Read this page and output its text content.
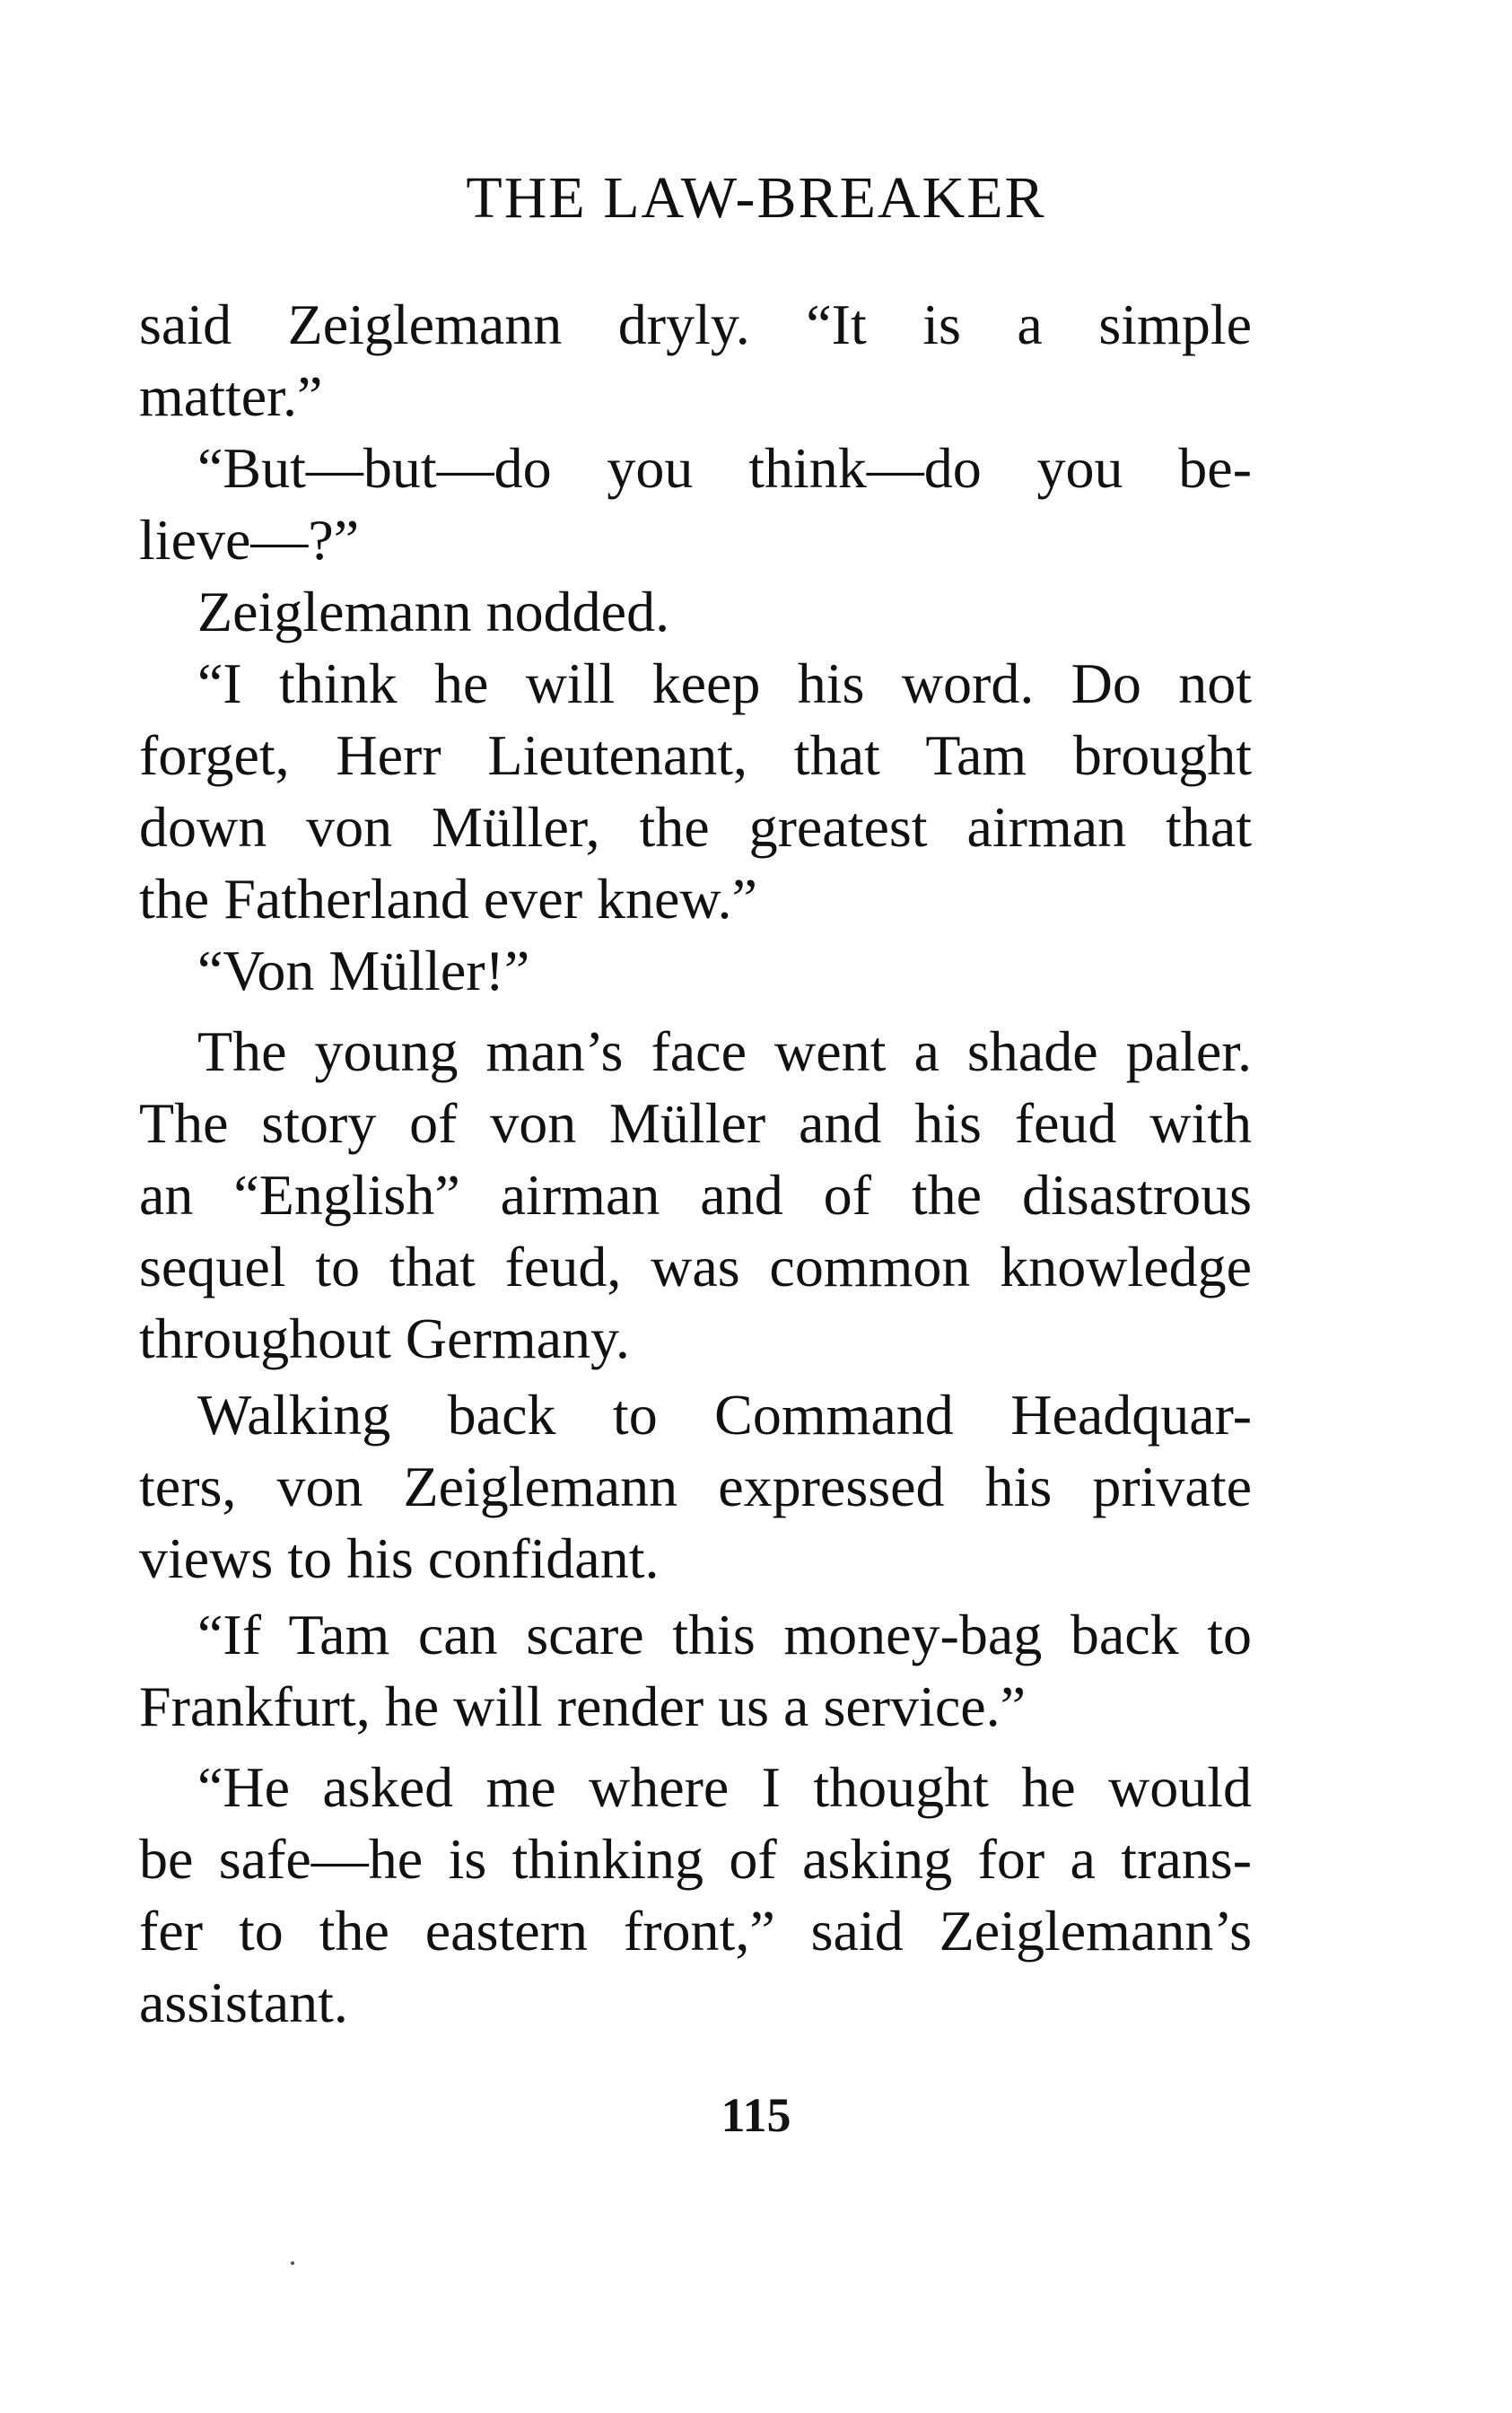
THE LAW-BREAKER
said Zeiglemann dryly. “It is a simple
matter.”
“But—but—do you think—do you be-
lieve—?”
Zeiglemann nodded.
“I think he will keep his word. Do not
forget, Herr Lieutenant, that Tam brought
down von Müller, the greatest airman that
the Fatherland ever knew.”
“Von Müller!”
The young man’s face went a shade paler.
The story of von Müller and his feud with
an “English” airman and of the disastrous
sequel to that feud, was common knowledge
throughout Germany.
Walking back to Command Headquar-
ters, von Zeiglemann expressed his private
views to his confidant.
“If Tam can scare this money-bag back to
Frankfurt, he will render us a service.”
“He asked me where I thought he would
be safe—he is thinking of asking for a trans-
fer to the eastern front,” said Zeiglemann’s
assistant.
115
